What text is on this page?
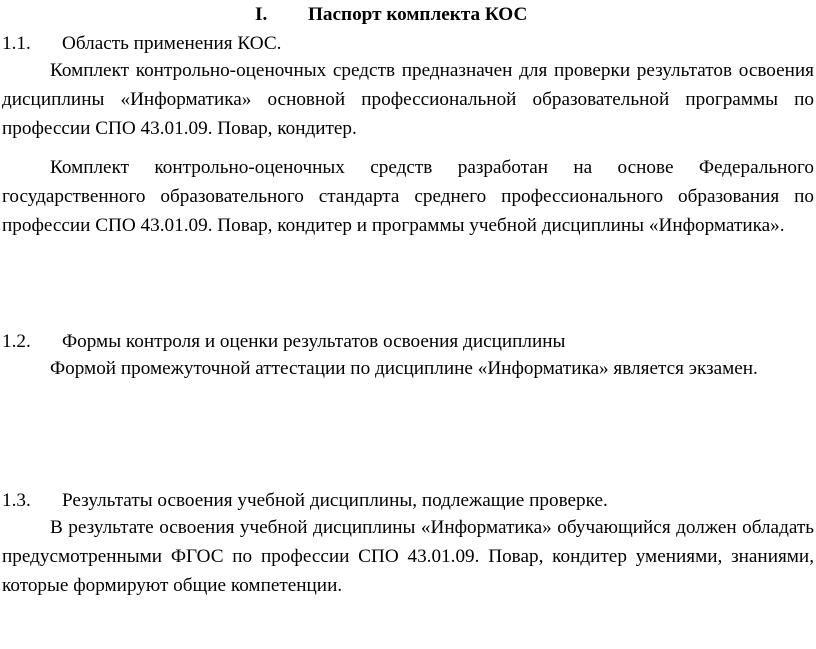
I. Паспорт комплекта КОС
1.1. Область применения КОС.

Комплект контрольно-оценочных средств предназначен для проверки результатов освоения дисциплины «Информатика» основной профессиональной образовательной программы по профессии СПО 43.01.09. Повар, кондитер.

Комплект контрольно-оценочных средств разработан на основе Федерального государственного образовательного стандарта среднего профессионального образования по профессии СПО 43.01.09. Повар, кондитер и программы учебной дисциплины «Информатика».

1.2. Формы контроля и оценки результатов освоения дисциплины

Формой промежуточной аттестации по дисциплине «Информатика» является экзамен.

1.3. Результаты освоения учебной дисциплины, подлежащие проверке.

В результате освоения учебной дисциплины «Информатика» обучающийся должен обладать предусмотренными ФГОС по профессии СПО 43.01.09. Повар, кондитер умениями, знаниями, которые формируют общие компетенции.
